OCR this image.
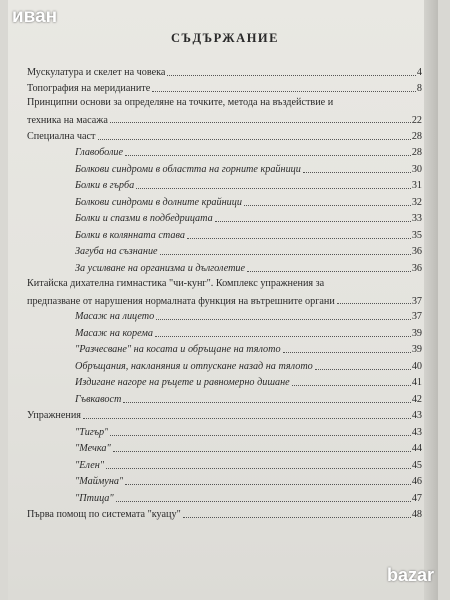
иван
СЪДЪРЖАНИЕ
Мускулатура и скелет на човека	4
Топография на меридианите	8
Принципни основи за определяне на точките, метода на въздействие и
техника на масажа	22
Специална част	28
Главоболие	28
Болкови синдроми в областта на горните крайници	30
Болки в гърба	31
Болкови синдроми в долните крайници	32
Болки и спазми в подбедрицата	33
Болки в колянната става	35
Загуба на съзнание	36
За усилване на организма и дълголетие	36
Китайска дихателна гимнастика "чи-кунг". Комплекс упражнения за
предпазване от нарушения нормалната функция на вътрешните органи	37
Масаж на лицето	37
Масаж на корема	39
"Разчесване" на косата и обръщане на тялото	39
Обръщания, накланяния и отпускане назад на тялото	40
Издигане нагоре на ръцете и равномерно дишане	41
Гъвкавост	42
Упражнения	43
"Тигър"	43
"Мечка"	44
"Елен"	45
"Маймуна"	46
"Птица"	47
Първа помощ по системата "куацу"	48
bazar
